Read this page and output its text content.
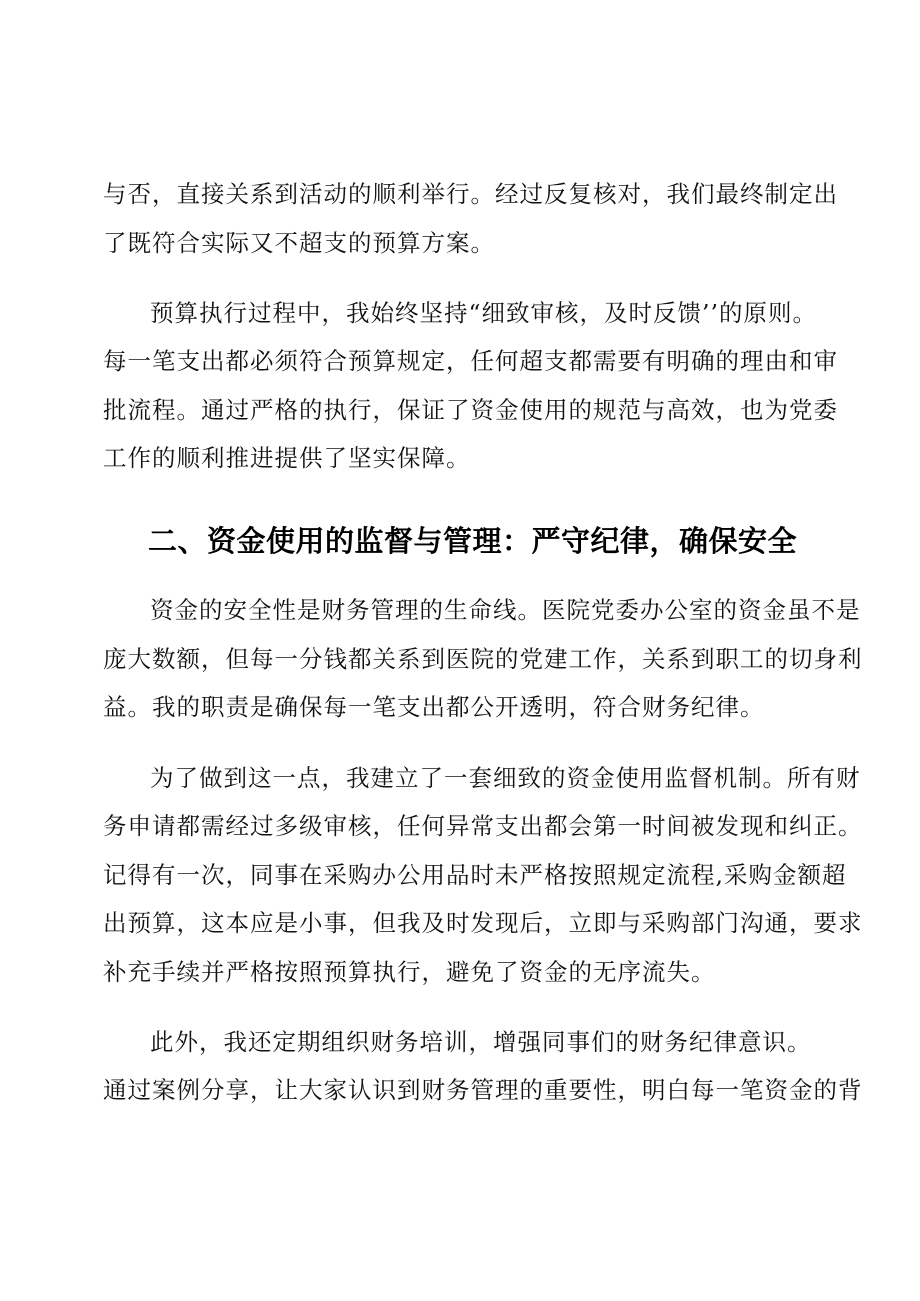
与否，直接关系到活动的顺利举行。经过反复核对，我们最终制定出

了既符合实际又不超支的预算方案。

预算执行过程中，我始终坚持“细致审核，及时反馈’’的原则。

每一笔支出都必须符合预算规定，任何超支都需要有明确的理由和审

批流程。通过严格的执行，保证了资金使用的规范与高效，也为党委

工作的顺利推进提供了坚实保障。

二、资金使用的监督与管理：严守纪律，确保安全

资金的安全性是财务管理的生命线。医院党委办公室的资金虽不是

庞大数额，但每一分钱都关系到医院的党建工作，关系到职工的切身利

益。我的职责是确保每一笔支出都公开透明，符合财务纪律。

为了做到这一点，我建立了一套细致的资金使用监督机制。所有财

务申请都需经过多级审核，任何异常支出都会第一时间被发现和纠正。

记得有一次，同事在采购办公用品时未严格按照规定流程,采购金额超

出预算，这本应是小事，但我及时发现后，立即与采购部门沟通，要求

补充手续并严格按照预算执行，避免了资金的无序流失。

此外，我还定期组织财务培训，增强同事们的财务纪律意识。

通过案例分享，让大家认识到财务管理的重要性，明白每一笔资金的背
